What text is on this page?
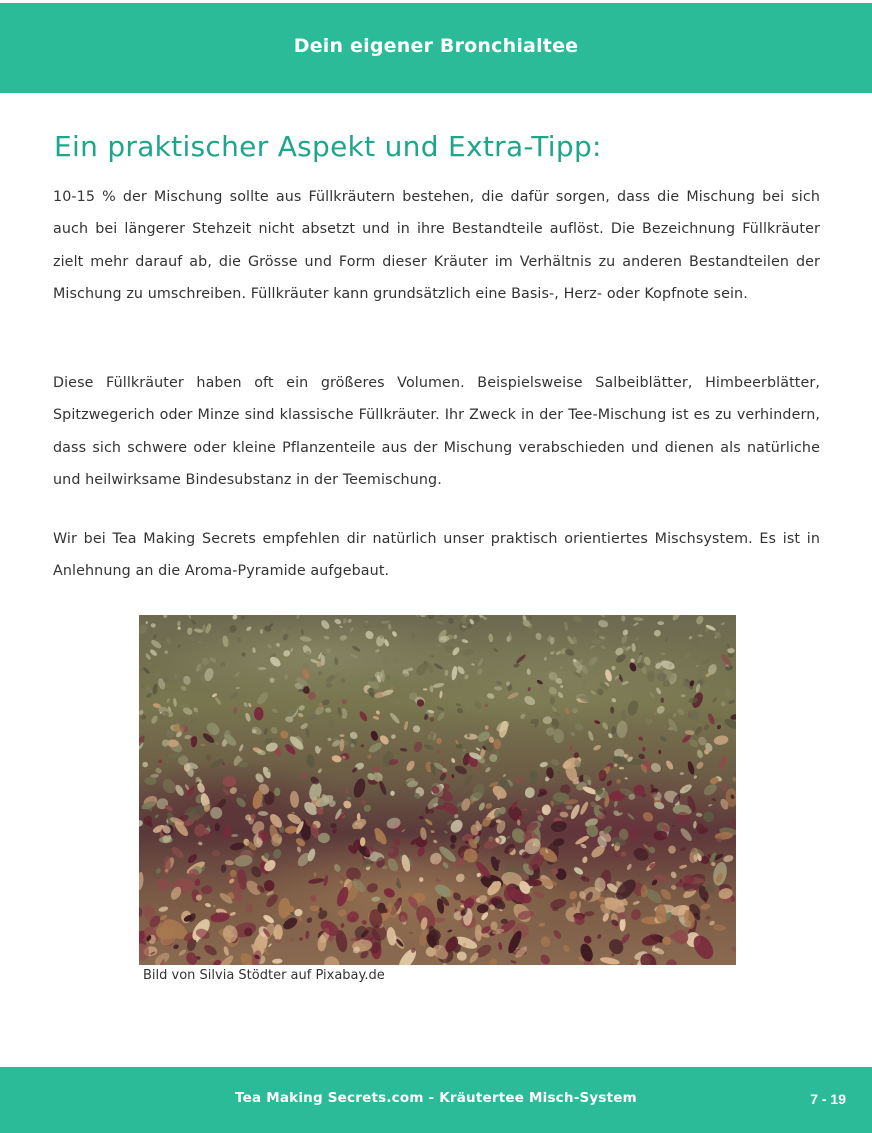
Dein eigener Bronchialtee
Ein praktischer Aspekt und Extra-Tipp:

10-15 % der Mischung sollte aus Füllkräutern bestehen, die dafür sorgen, dass die Mischung bei sich auch bei längerer Stehzeit nicht absetzt und in ihre Bestandteile auflöst. Die Bezeichnung Füllkräuter zielt mehr darauf ab, die Grösse und Form dieser Kräuter im Verhältnis zu anderen Bestandteilen der Mischung zu umschreiben. Füllkräuter kann grundsätzlich eine Basis-, Herz- oder Kopfnote sein.

Diese Füllkräuter haben oft ein größeres Volumen. Beispielsweise Salbeiblätter, Himbeerblätter, Spitzwegerich oder Minze sind klassische Füllkräuter. Ihr Zweck in der Tee-Mischung ist es zu verhindern, dass sich schwere oder kleine Pflanzenteile aus der Mischung verabschieden und dienen als natürliche und heilwirksame Bindesubstanz in der Teemischung.

Wir bei Tea Making Secrets empfehlen dir natürlich unser praktisch orientiertes Mischsystem. Es ist in Anlehnung an die Aroma-Pyramide aufgebaut.

Bild von Silvia Stödter auf Pixabay.de

Tea Making Secrets.com - Kräutertee Misch-System	7 - 19
